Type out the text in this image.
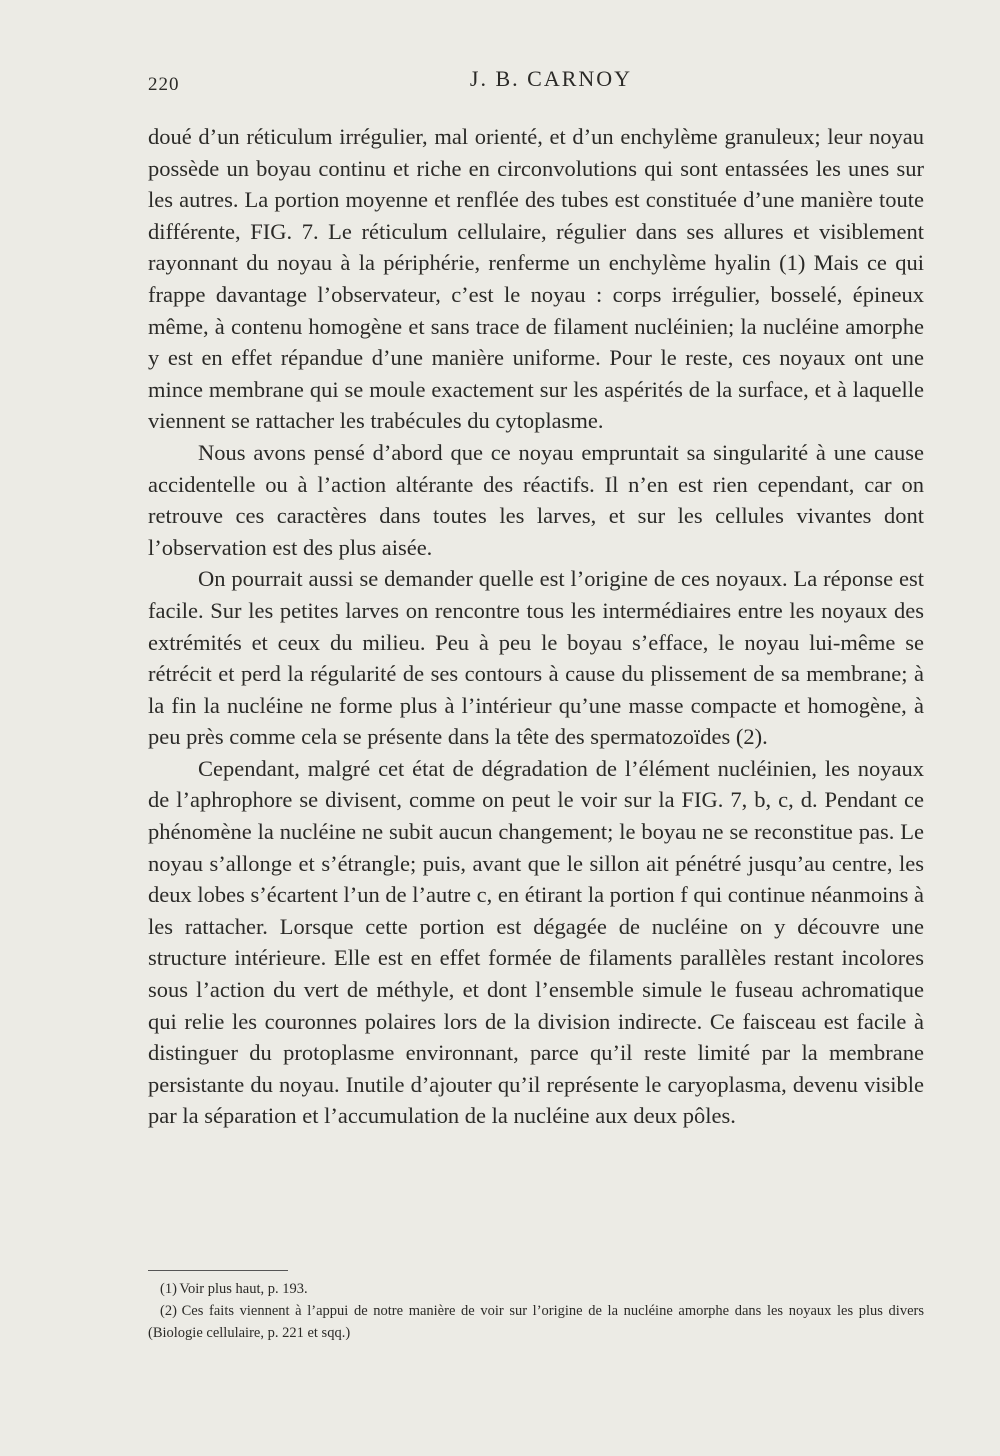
220	J. B. CARNOY

doué d’un réticulum irrégulier, mal orienté, et d’un enchylème granuleux; leur noyau possède un boyau continu et riche en circonvolutions qui sont entassées les unes sur les autres. La portion moyenne et renflée des tubes est constituée d’une manière toute différente, FIG. 7. Le réticulum cellulaire, régulier dans ses allures et visiblement rayonnant du noyau à la périphérie, renferme un enchylème hyalin (1) Mais ce qui frappe davantage l’observateur, c’est le noyau : corps irrégulier, bosselé, épineux même, à contenu homogène et sans trace de filament nucléinien; la nucléine amorphe y est en effet répandue d’une manière uniforme. Pour le reste, ces noyaux ont une mince membrane qui se moule exactement sur les aspérités de la surface, et à laquelle viennent se rattacher les trabécules du cytoplasme.

Nous avons pensé d’abord que ce noyau empruntait sa singularité à une cause accidentelle ou à l’action altérante des réactifs. Il n’en est rien cependant, car on retrouve ces caractères dans toutes les larves, et sur les cellules vivantes dont l’observation est des plus aisée.

On pourrait aussi se demander quelle est l’origine de ces noyaux. La réponse est facile. Sur les petites larves on rencontre tous les intermédiaires entre les noyaux des extrémités et ceux du milieu. Peu à peu le boyau s’efface, le noyau lui-même se rétrécit et perd la régularité de ses contours à cause du plissement de sa membrane; à la fin la nucléine ne forme plus à l’intérieur qu’une masse compacte et homogène, à peu près comme cela se présente dans la tête des spermatozoïdes (2).

Cependant, malgré cet état de dégradation de l’élément nucléinien, les noyaux de l’aphrophore se divisent, comme on peut le voir sur la FIG. 7, b, c, d. Pendant ce phénomène la nucléine ne subit aucun changement; le boyau ne se reconstitue pas. Le noyau s’allonge et s’étrangle; puis, avant que le sillon ait pénétré jusqu’au centre, les deux lobes s’écartent l’un de l’autre c, en étirant la portion f qui continue néanmoins à les rattacher. Lorsque cette portion est dégagée de nucléine on y découvre une structure intérieure. Elle est en effet formée de filaments parallèles restant incolores sous l’action du vert de méthyle, et dont l’ensemble simule le fuseau achromatique qui relie les couronnes polaires lors de la division indirecte. Ce faisceau est facile à distinguer du protoplasme environnant, parce qu’il reste limité par la membrane persistante du noyau. Inutile d’ajouter qu’il représente le caryoplasma, devenu visible par la séparation et l’accumulation de la nucléine aux deux pôles.

(1) Voir plus haut, p. 193.

(2) Ces faits viennent à l’appui de notre manière de voir sur l’origine de la nucléine amorphe dans les noyaux les plus divers (Biologie cellulaire, p. 221 et sqq.)
